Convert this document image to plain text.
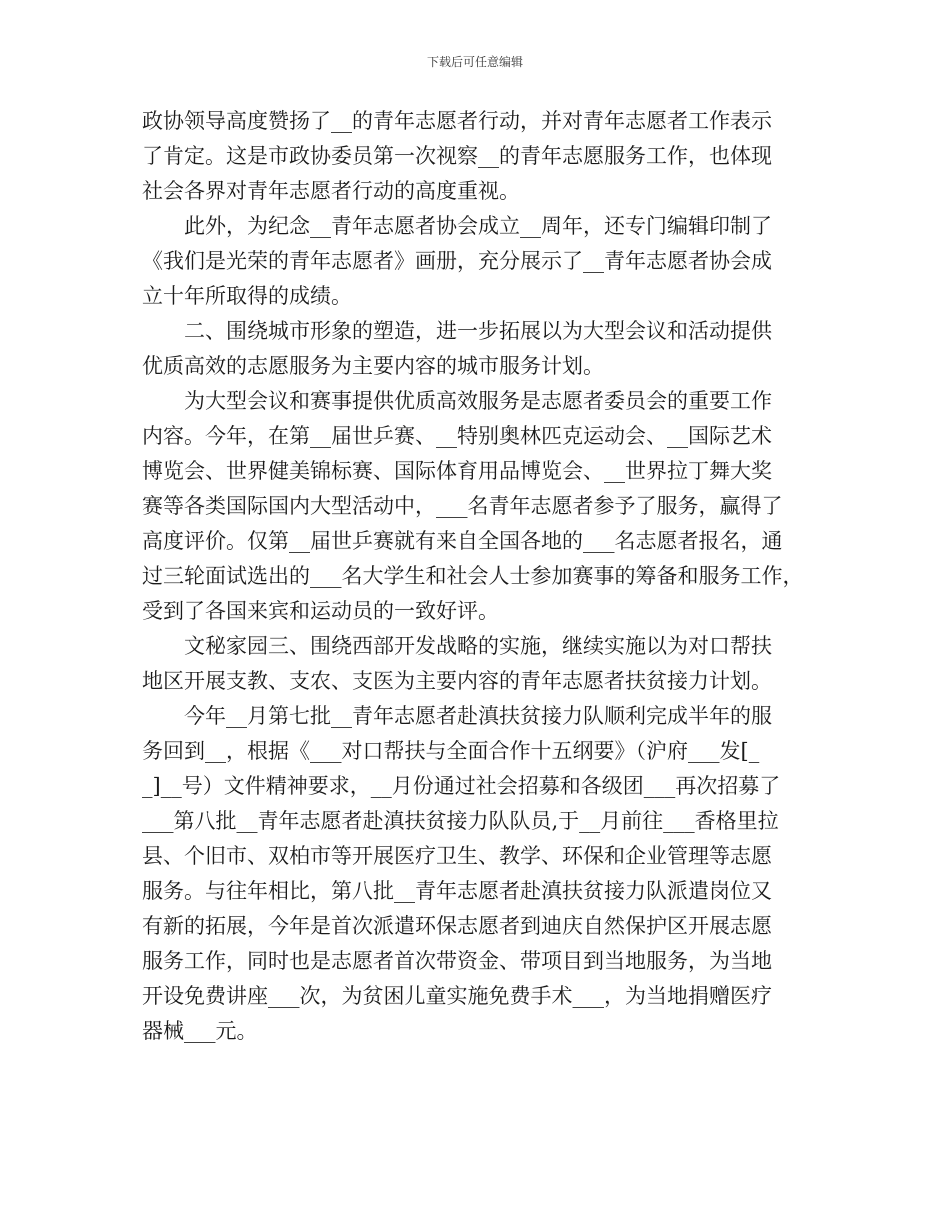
下载后可任意编辑
政协领导高度赞扬了__的青年志愿者行动，并对青年志愿者工作表示
了肯定。这是市政协委员第一次视察__的青年志愿服务工作，也体现
社会各界对青年志愿者行动的高度重视。
　　此外，为纪念__青年志愿者协会成立__周年，还专门编辑印制了
《我们是光荣的青年志愿者》画册，充分展示了__青年志愿者协会成
立十年所取得的成绩。
　　二、围绕城市形象的塑造，进一步拓展以为大型会议和活动提供
优质高效的志愿服务为主要内容的城市服务计划。
　　为大型会议和赛事提供优质高效服务是志愿者委员会的重要工作
内容。今年，在第__届世乒赛、__特别奥林匹克运动会、__国际艺术
博览会、世界健美锦标赛、国际体育用品博览会、__世界拉丁舞大奖
赛等各类国际国内大型活动中，___名青年志愿者参予了服务，赢得了
高度评价。仅第__届世乒赛就有来自全国各地的___名志愿者报名，通
过三轮面试选出的___名大学生和社会人士参加赛事的筹备和服务工作，
受到了各国来宾和运动员的一致好评。
　　文秘家园三、围绕西部开发战略的实施，继续实施以为对口帮扶
地区开展支教、支农、支医为主要内容的青年志愿者扶贫接力计划。
　　今年__月第七批__青年志愿者赴滇扶贫接力队顺利完成半年的服
务回到__，根据《___对口帮扶与全面合作十五纲要》（沪府___发[_
_]__号）文件精神要求，__月份通过社会招募和各级团___再次招募了
___第八批__青年志愿者赴滇扶贫接力队队员,于__月前往___香格里拉
县、个旧市、双柏市等开展医疗卫生、教学、环保和企业管理等志愿
服务。与往年相比，第八批__青年志愿者赴滇扶贫接力队派遣岗位又
有新的拓展，今年是首次派遣环保志愿者到迪庆自然保护区开展志愿
服务工作，同时也是志愿者首次带资金、带项目到当地服务，为当地
开设免费讲座___次，为贫困儿童实施免费手术___，为当地捐赠医疗
器械___元。
